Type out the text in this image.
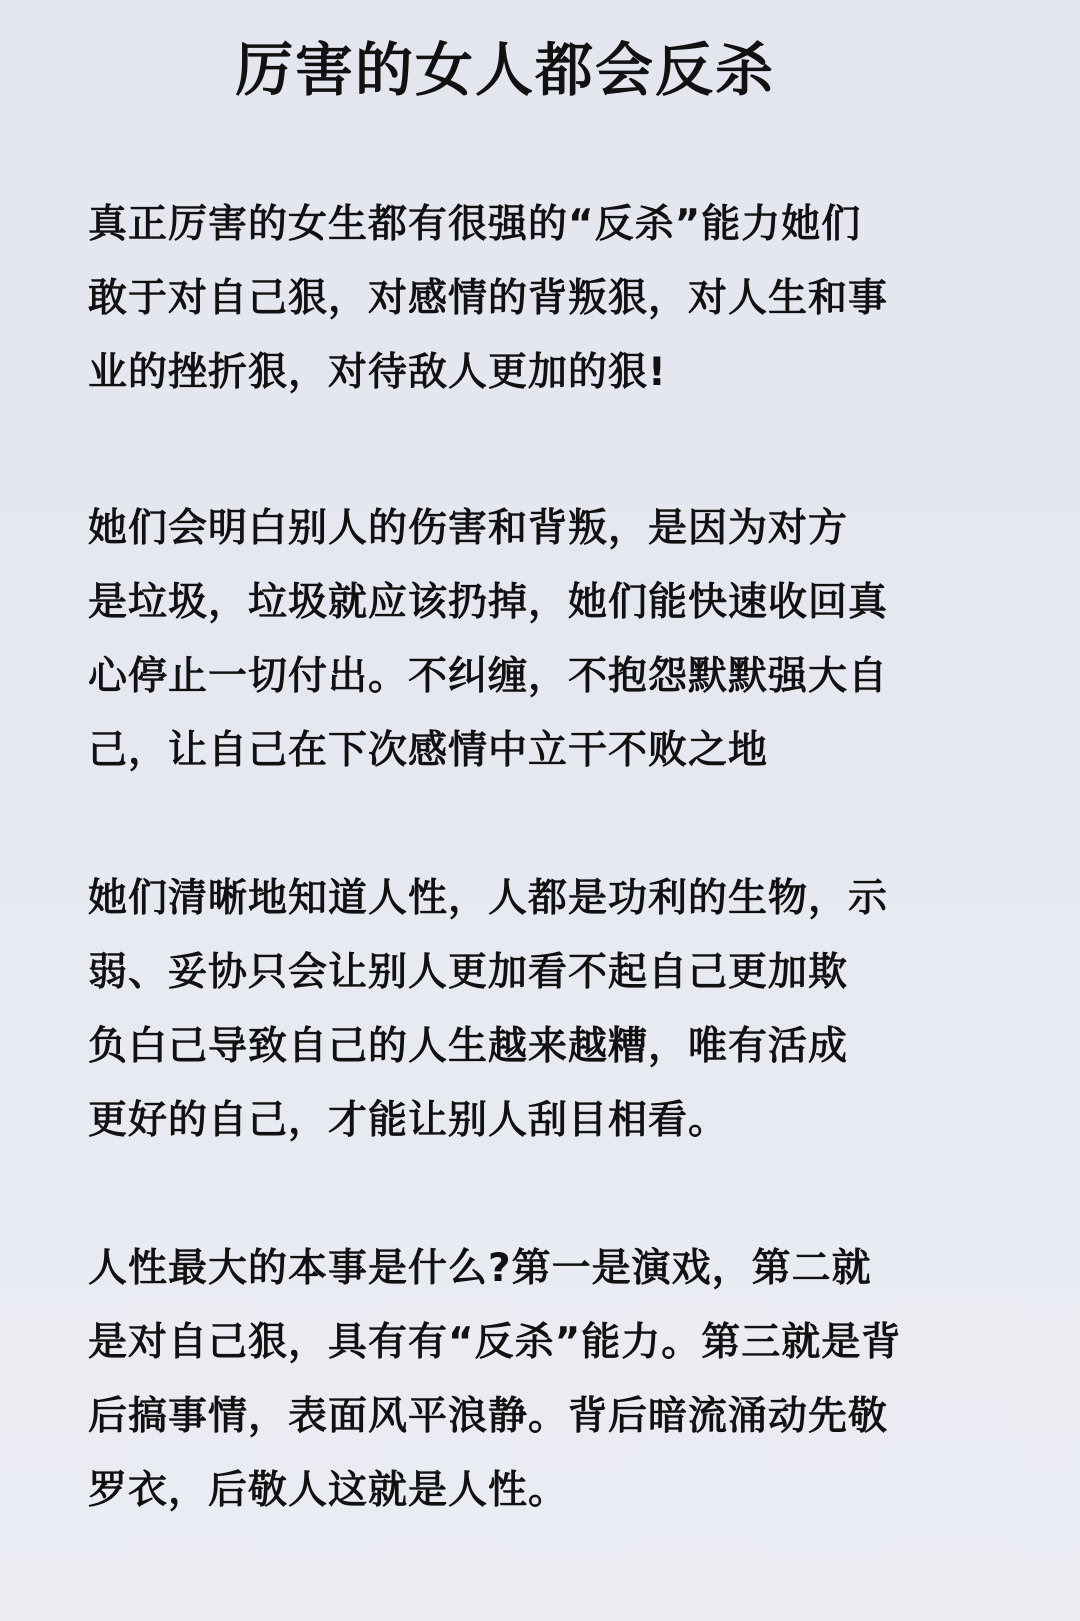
厉害的女人都会反杀
真正厉害的女生都有很强的“反杀”能力她们
敢于对自己狠，对感情的背叛狠，对人生和事
业的挫折狠，对待敌人更加的狠!
她们会明白别人的伤害和背叛，是因为对方
是垃圾，垃圾就应该扔掉，她们能快速收回真
心停止一切付出。不纠缠，不抱怨默默强大自
己，让自己在下次感情中立干不败之地
她们清晰地知道人性，人都是功利的生物，示
弱、妥协只会让别人更加看不起自己更加欺
负白己导致自己的人生越来越糟，唯有活成
更好的自己，才能让别人刮目相看。
人性最大的本事是什么?第一是演戏，第二就
是对自己狠，具有有“反杀”能力。第三就是背
后搞事情，表面风平浪静。背后暗流涌动先敬
罗衣，后敬人这就是人性。
